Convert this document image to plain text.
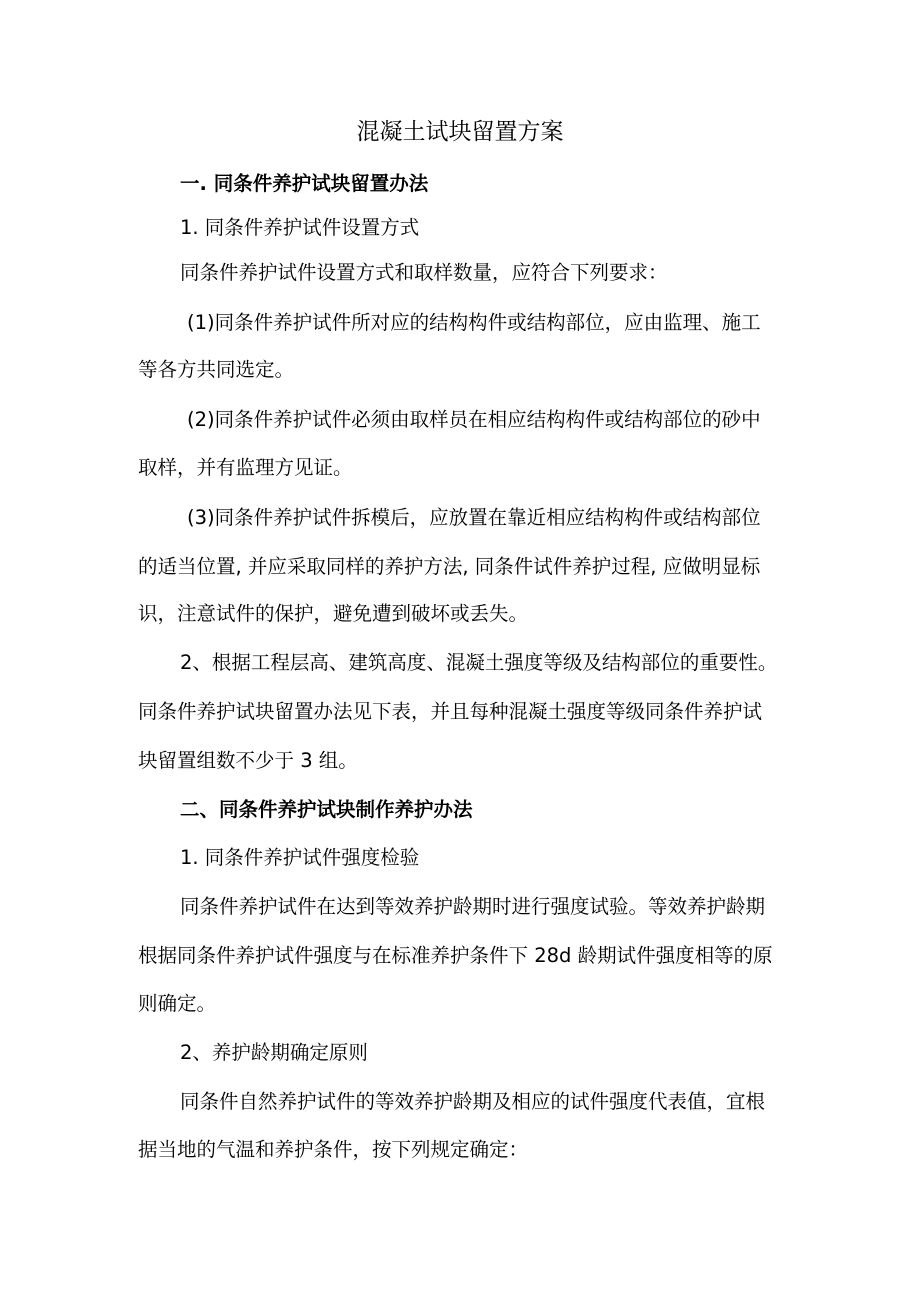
混凝土试块留置方案

一. 同条件养护试块留置办法

1. 同条件养护试件设置方式

同条件养护试件设置方式和取样数量，应符合下列要求：

(1)同条件养护试件所对应的结构构件或结构部位，应由监理、施工

等各方共同选定。

(2)同条件养护试件必须由取样员在相应结构构件或结构部位的砂中

取样，并有监理方见证。

(3)同条件养护试件拆模后，应放置在靠近相应结构构件或结构部位

的适当位置, 并应采取同样的养护方法, 同条件试件养护过程, 应做明显标

识，注意试件的保护，避免遭到破坏或丢失。

2、根据工程层高、建筑高度、混凝土强度等级及结构部位的重要性。

同条件养护试块留置办法见下表，并且每种混凝土强度等级同条件养护试

块留置组数不少于 3 组。

二、同条件养护试块制作养护办法

1. 同条件养护试件强度检验

同条件养护试件在达到等效养护龄期时进行强度试验。等效养护龄期

根据同条件养护试件强度与在标准养护条件下 28d 龄期试件强度相等的原

则确定。

2、养护龄期确定原则

同条件自然养护试件的等效养护龄期及相应的试件强度代表值，宜根

据当地的气温和养护条件，按下列规定确定：
